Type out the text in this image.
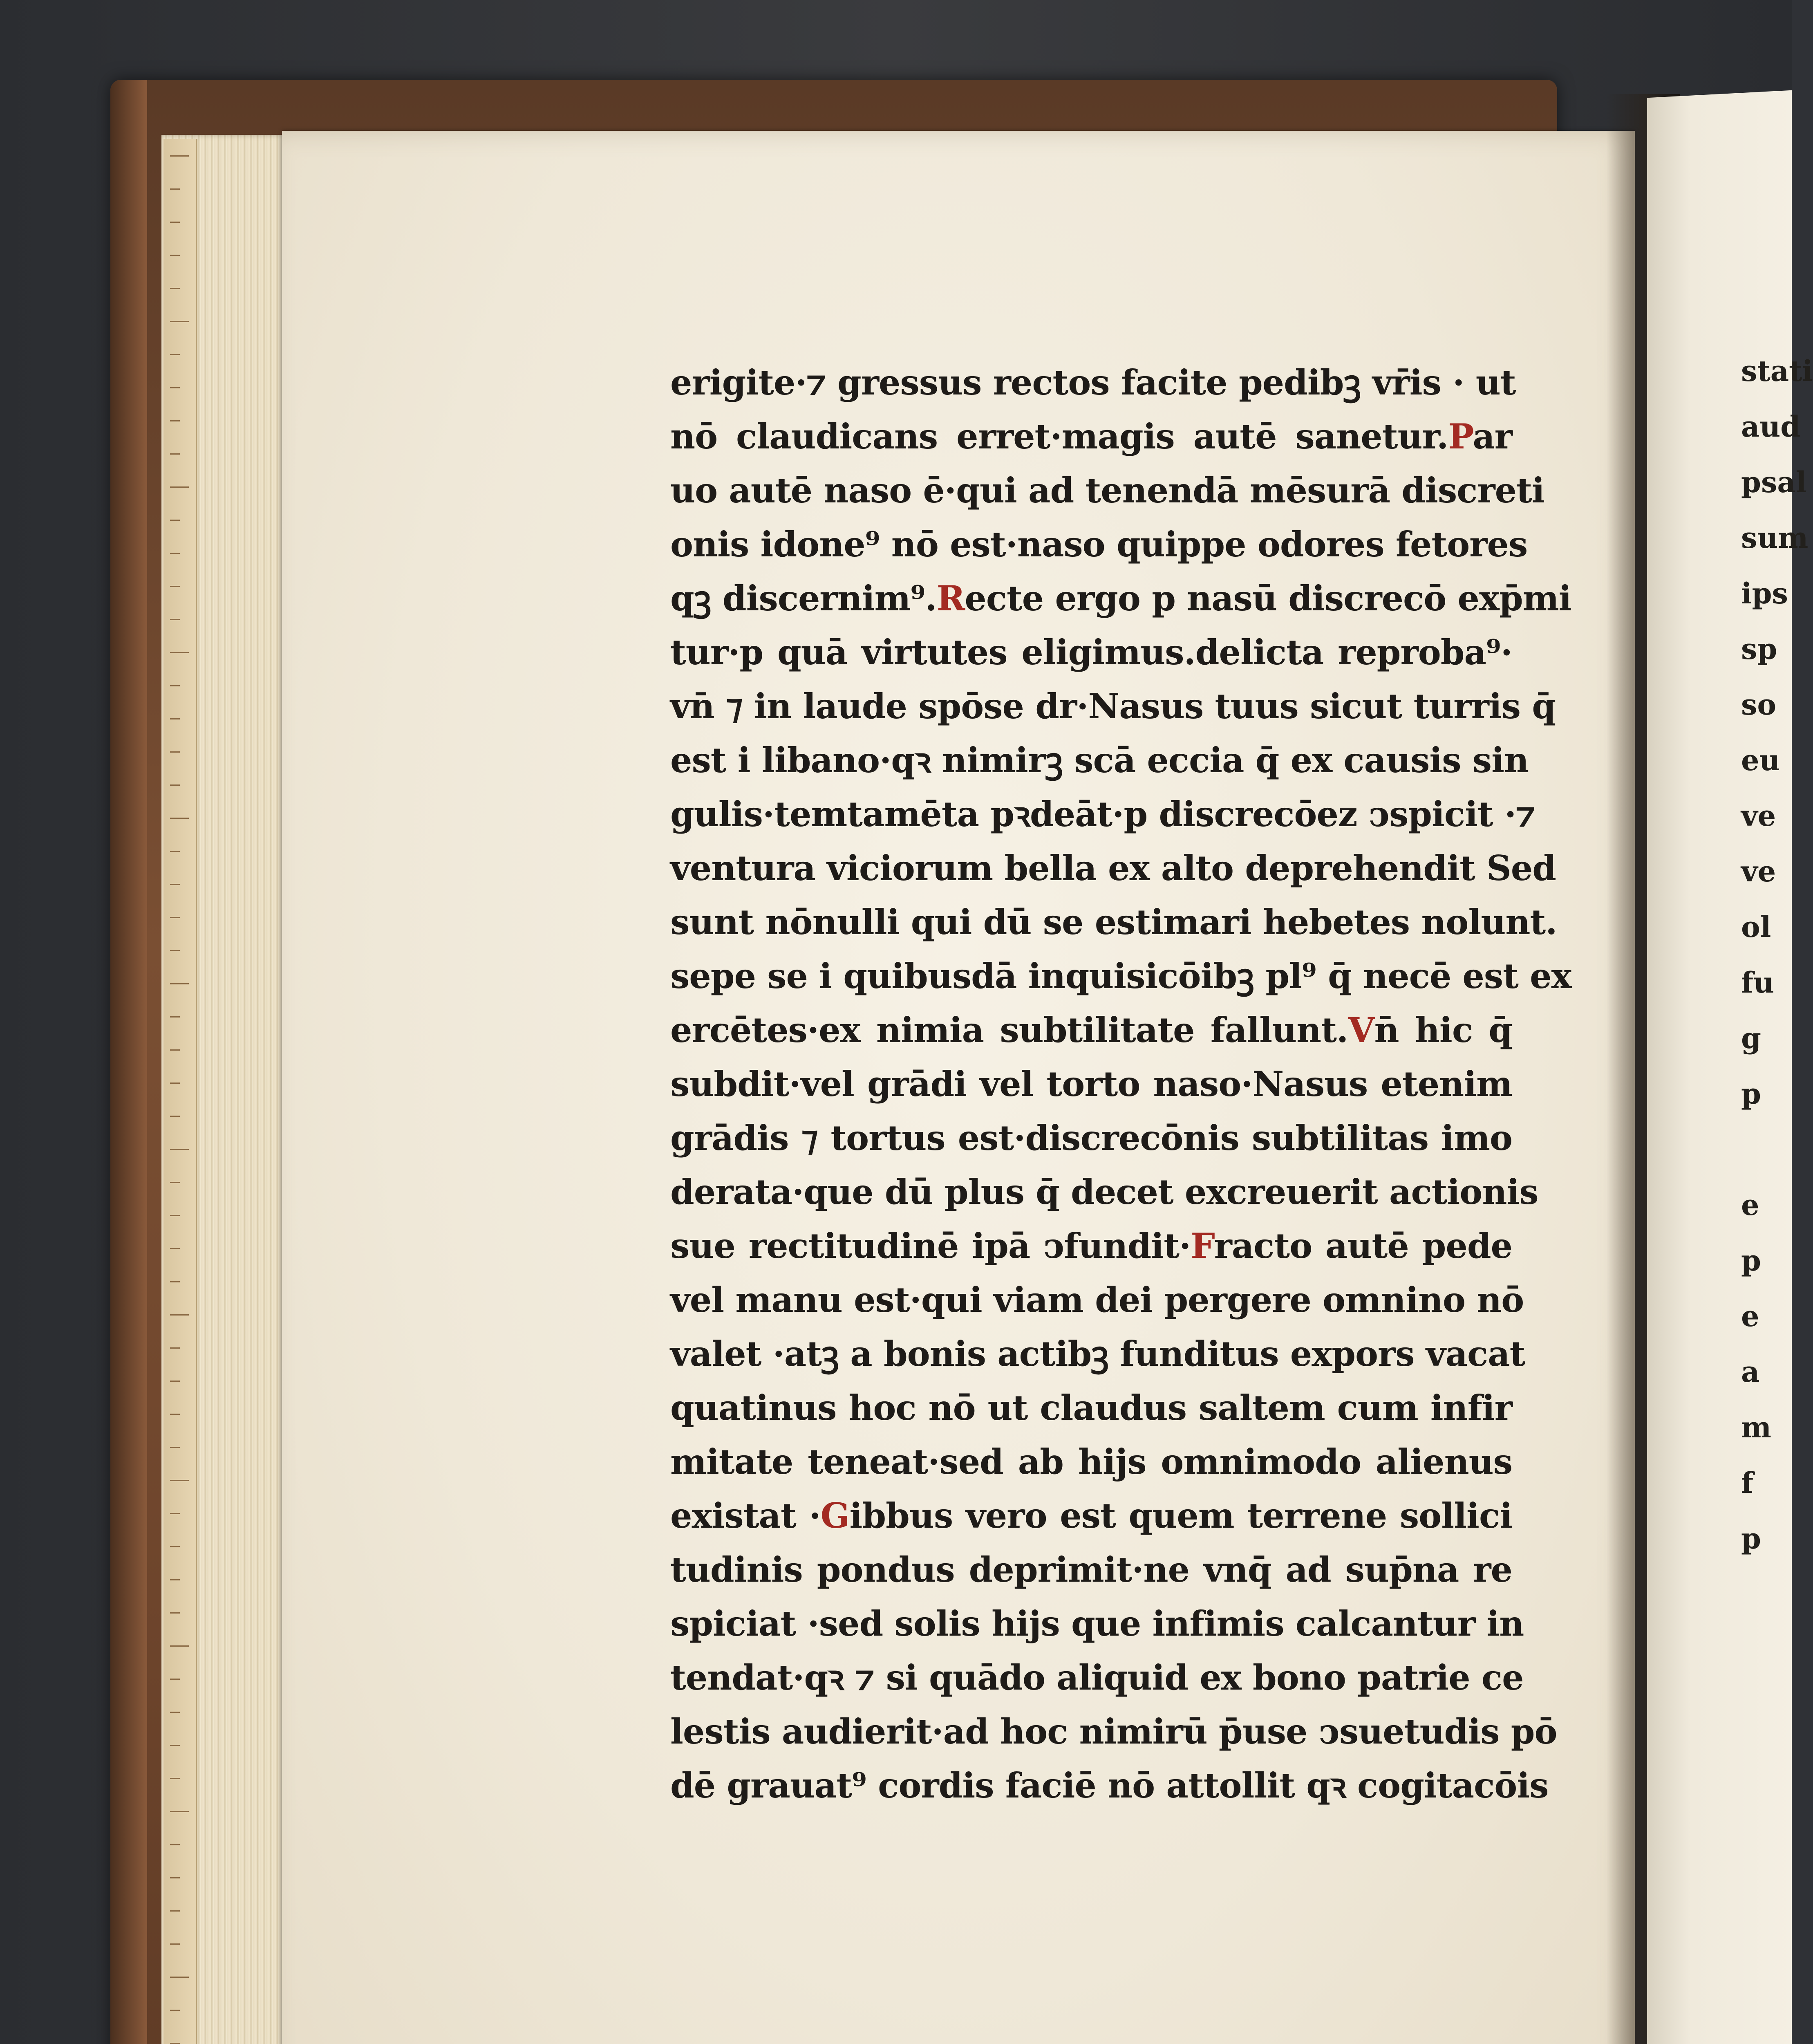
erigite·⁊ gressus rectos facite pedibꝫ vr̄is · ut
nō claudicans erret·magis autē sanetur.Par
uo autē naso ē·qui ad tenendā mēsurā discreti
onis idone⁹ nō est·naso quippe odores fetores
qꝫ discernim⁹.Recte ergo p nasū discrecō exp̄mi
tur·p quā virtutes eligimus.delicta reproba⁹·
vn̄ ⁊ in laude spōse dr·Nasus tuus sicut turris q̄
est i libano·qꝛ nimirꝫ scā eccia q̄ ex causis sin
gulis·temtamēta pꝛdeāt·p discrecōez ↄspicit ·⁊
ventura viciorum bella ex alto deprehendit Sed
sunt nōnulli qui dū se estimari hebetes nolunt.
sepe se i quibusdā inquisicōibꝫ pl⁹ q̄ necē est ex
ercētes·ex nimia subtilitate fallunt.Vn̄ hic q̄
subdit·vel grādi vel torto naso·Nasus etenim
grādis ⁊ tortus est·discrecōnis subtilitas imo
derata·que dū plus q̄ decet excreuerit actionis
sue rectitudinē ipā ↄfundit·Fracto autē pede
vel manu est·qui viam dei pergere omnino nō
valet ·atꝫ a bonis actibꝫ funditus expors vacat
quatinus hoc nō ut claudus saltem cum infir
mitate teneat·sed ab hijs omnimodo alienus
existat ·Gibbus vero est quem terrene sollici
tudinis pondus deprimit·ne vnq̄ ad sup̄na re
spiciat ·sed solis hijs que infimis calcantur in
tendat·qꝛ ⁊ si quādo aliquid ex bono patrie ce
lestis audierit·ad hoc nimirū p̄use ↄsuetudis pō
dē grauat⁹ cordis faciē nō attollit qꝛ cogitacōis
stati
aud
psal
sum
ips
sp
so
eu
ve
ve
ol
fu
g
p

e
p
e
a
m
f
p
